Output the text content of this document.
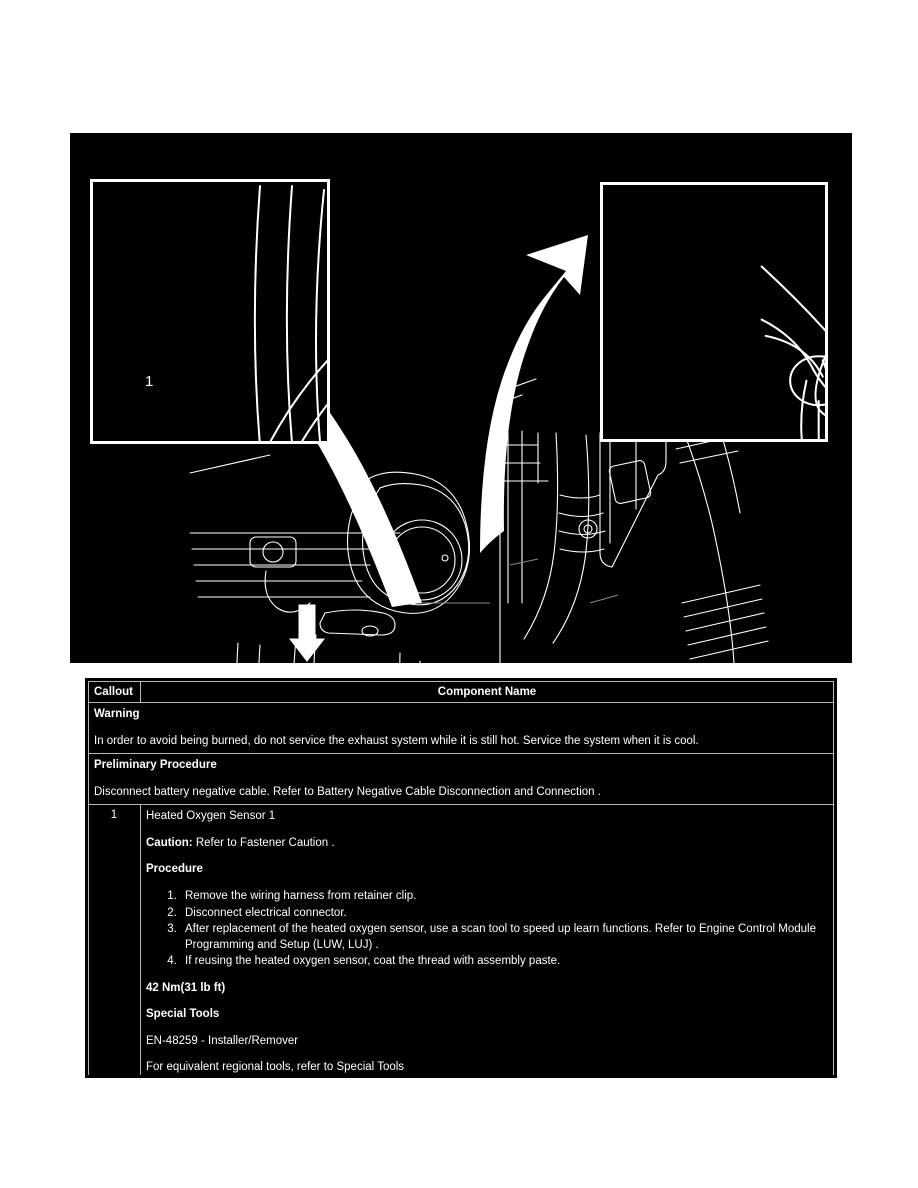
1
Callout	Component Name

Warning

In order to avoid being burned, do not service the exhaust system while it is still hot. Service the system when it is cool.	

Preliminary Procedure

Disconnect battery negative cable. Refer to Battery Negative Cable Disconnection and Connection .	

1	Heated Oxygen Sensor 1

Caution: Refer to Fastener Caution .

Procedure

1. Remove the wiring harness from retainer clip.
2. Disconnect electrical connector.
3. After replacement of the heated oxygen sensor, use a scan tool to speed up learn functions. Refer to Engine Control Module Programming and Setup (LUW, LUJ) .
4. If reusing the heated oxygen sensor, coat the thread with assembly paste.

42 Nm(31 lb ft)

Special Tools

EN-48259 - Installer/Remover

For equivalent regional tools, refer to Special Tools
